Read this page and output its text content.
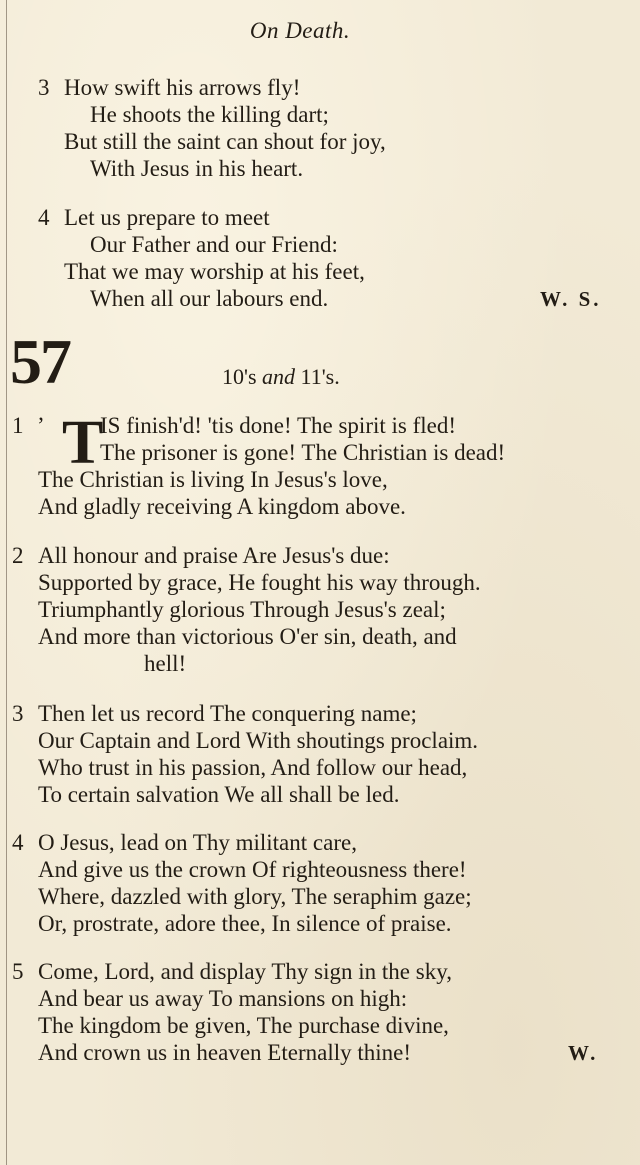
On Death.
3 How swift his arrows fly!
He shoots the killing dart;
But still the saint can shout for joy,
With Jesus in his heart.
4 Let us prepare to meet
Our Father and our Friend:
That we may worship at his feet,
When all our labours end.	W. S.
57	10's and 11's.
1 ’ T
IS finish'd! 'tis done! The spirit is fled!
The prisoner is gone! The Christian is dead!
The Christian is living In Jesus's love,
And gladly receiving A kingdom above.
2 All honour and praise Are Jesus's due:
Supported by grace, He fought his way through.
Triumphantly glorious Through Jesus's zeal;
And more than victorious O'er sin, death, and
hell!
3 Then let us record The conquering name;
Our Captain and Lord With shoutings proclaim.
Who trust in his passion, And follow our head,
To certain salvation We all shall be led.
4 O Jesus, lead on Thy militant care,
And give us the crown Of righteousness there!
Where, dazzled with glory, The seraphim gaze;
Or, prostrate, adore thee, In silence of praise.
5 Come, Lord, and display Thy sign in the sky,
And bear us away To mansions on high:
The kingdom be given, The purchase divine,
And crown us in heaven Eternally thine!	W.
